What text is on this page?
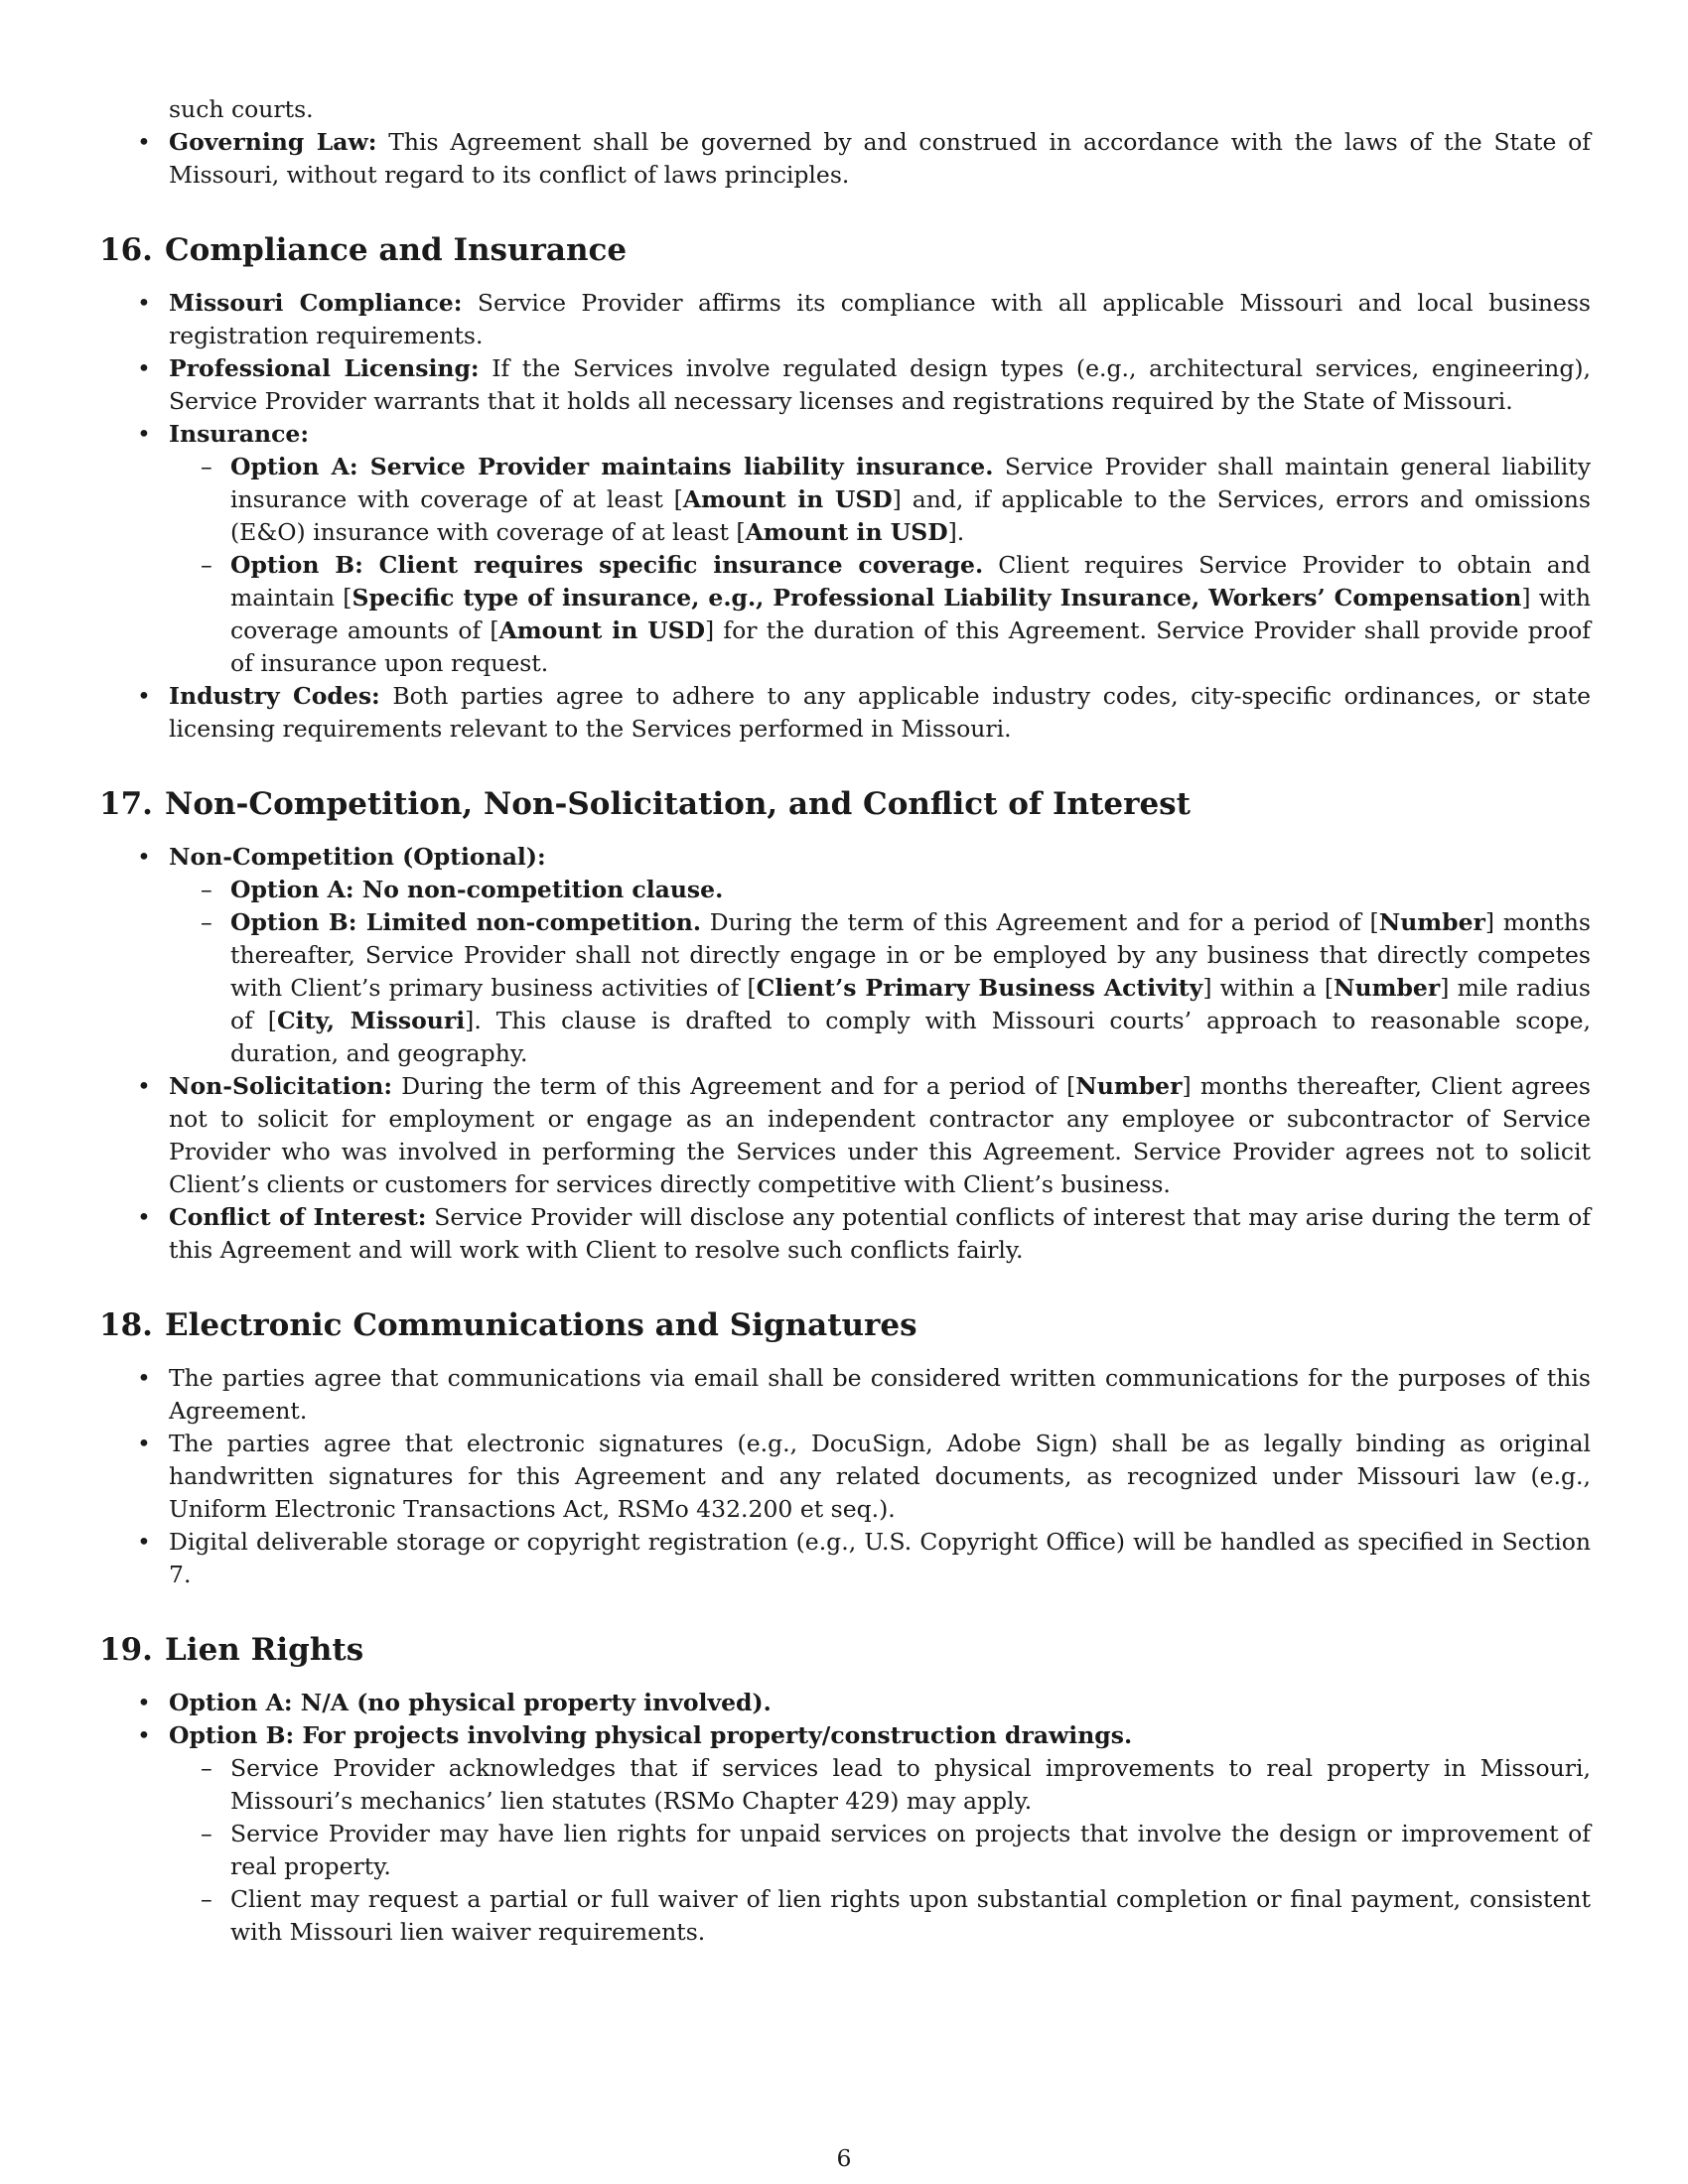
such courts.
• Governing Law: This Agreement shall be governed by and construed in accordance with the laws of the State of Missouri, without regard to its conflict of laws principles.
16. Compliance and Insurance
• Missouri Compliance: Service Provider affirms its compliance with all applicable Missouri and local business registration requirements.
• Professional Licensing: If the Services involve regulated design types (e.g., architectural services, engineering), Service Provider warrants that it holds all necessary licenses and registrations required by the State of Missouri.
• Insurance:
– Option A: Service Provider maintains liability insurance. Service Provider shall maintain general liability insurance with coverage of at least [Amount in USD] and, if applicable to the Services, errors and omissions (E&O) insurance with coverage of at least [Amount in USD].
– Option B: Client requires specific insurance coverage. Client requires Service Provider to obtain and maintain [Specific type of insurance, e.g., Professional Liability Insurance, Workers’ Compensation] with coverage amounts of [Amount in USD] for the duration of this Agreement. Service Provider shall provide proof of insurance upon request.
• Industry Codes: Both parties agree to adhere to any applicable industry codes, city-specific ordinances, or state licensing requirements relevant to the Services performed in Missouri.
17. Non-Competition, Non-Solicitation, and Conflict of Interest
• Non-Competition (Optional):
– Option A: No non-competition clause.
– Option B: Limited non-competition. During the term of this Agreement and for a period of [Number] months thereafter, Service Provider shall not directly engage in or be employed by any business that directly competes with Client’s primary business activities of [Client’s Primary Business Activity] within a [Number] mile radius of [City, Missouri]. This clause is drafted to comply with Missouri courts’ approach to reasonable scope, duration, and geography.
• Non-Solicitation: During the term of this Agreement and for a period of [Number] months thereafter, Client agrees not to solicit for employment or engage as an independent contractor any employee or subcontractor of Service Provider who was involved in performing the Services under this Agreement. Service Provider agrees not to solicit Client’s clients or customers for services directly competitive with Client’s business.
• Conflict of Interest: Service Provider will disclose any potential conflicts of interest that may arise during the term of this Agreement and will work with Client to resolve such conflicts fairly.
18. Electronic Communications and Signatures
• The parties agree that communications via email shall be considered written communications for the purposes of this Agreement.
• The parties agree that electronic signatures (e.g., DocuSign, Adobe Sign) shall be as legally binding as original handwritten signatures for this Agreement and any related documents, as recognized under Missouri law (e.g., Uniform Electronic Transactions Act, RSMo 432.200 et seq.).
• Digital deliverable storage or copyright registration (e.g., U.S. Copyright Office) will be handled as specified in Section 7.
19. Lien Rights
• Option A: N/A (no physical property involved).
• Option B: For projects involving physical property/construction drawings.
– Service Provider acknowledges that if services lead to physical improvements to real property in Missouri, Missouri’s mechanics’ lien statutes (RSMo Chapter 429) may apply.
– Service Provider may have lien rights for unpaid services on projects that involve the design or improvement of real property.
– Client may request a partial or full waiver of lien rights upon substantial completion or final payment, consistent with Missouri lien waiver requirements.
6
